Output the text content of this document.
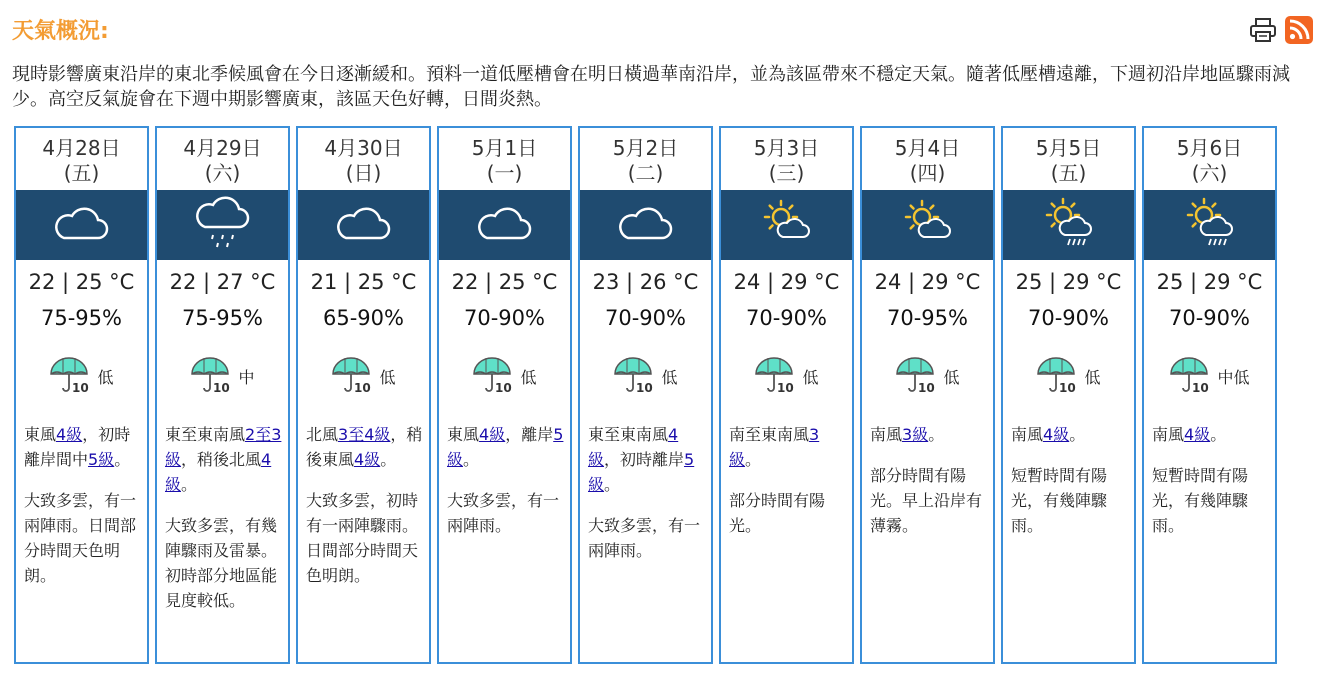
天氣概況:
現時影響廣東沿岸的東北季候風會在今日逐漸緩和。預料一道低壓槽會在明日橫過華南沿岸，並為該區帶來不穩定天氣。隨著低壓槽遠離，下週初沿岸地區驟雨減少。高空反氣旋會在下週中期影響廣東，該區天色好轉，日間炎熱。
4月28日
(五)
22 | 25 °C
75-95%
10
低
東風4級，初時離岸間中5級。
大致多雲，有一兩陣雨。日間部分時間天色明朗。
4月29日
(六)
22 | 27 °C
75-95%
10
中
東至東南風2至3級，稍後北風4級。
大致多雲，有幾陣驟雨及雷暴。初時部分地區能見度較低。
4月30日
(日)
21 | 25 °C
65-90%
10
低
北風3至4級，稍後東風4級。
大致多雲，初時有一兩陣驟雨。日間部分時間天色明朗。
5月1日
(一)
22 | 25 °C
70-90%
10
低
東風4級，離岸5級。
大致多雲，有一兩陣雨。
5月2日
(二)
23 | 26 °C
70-90%
10
低
東至東南風4級，初時離岸5級。
大致多雲，有一兩陣雨。
5月3日
(三)
24 | 29 °C
70-90%
10
低
南至東南風3級。
部分時間有陽光。
5月4日
(四)
24 | 29 °C
70-95%
10
低
南風3級。
部分時間有陽光。早上沿岸有薄霧。
5月5日
(五)
25 | 29 °C
70-90%
10
低
南風4級。
短暫時間有陽光，有幾陣驟雨。
5月6日
(六)
25 | 29 °C
70-90%
10
中低
南風4級。
短暫時間有陽光，有幾陣驟雨。
